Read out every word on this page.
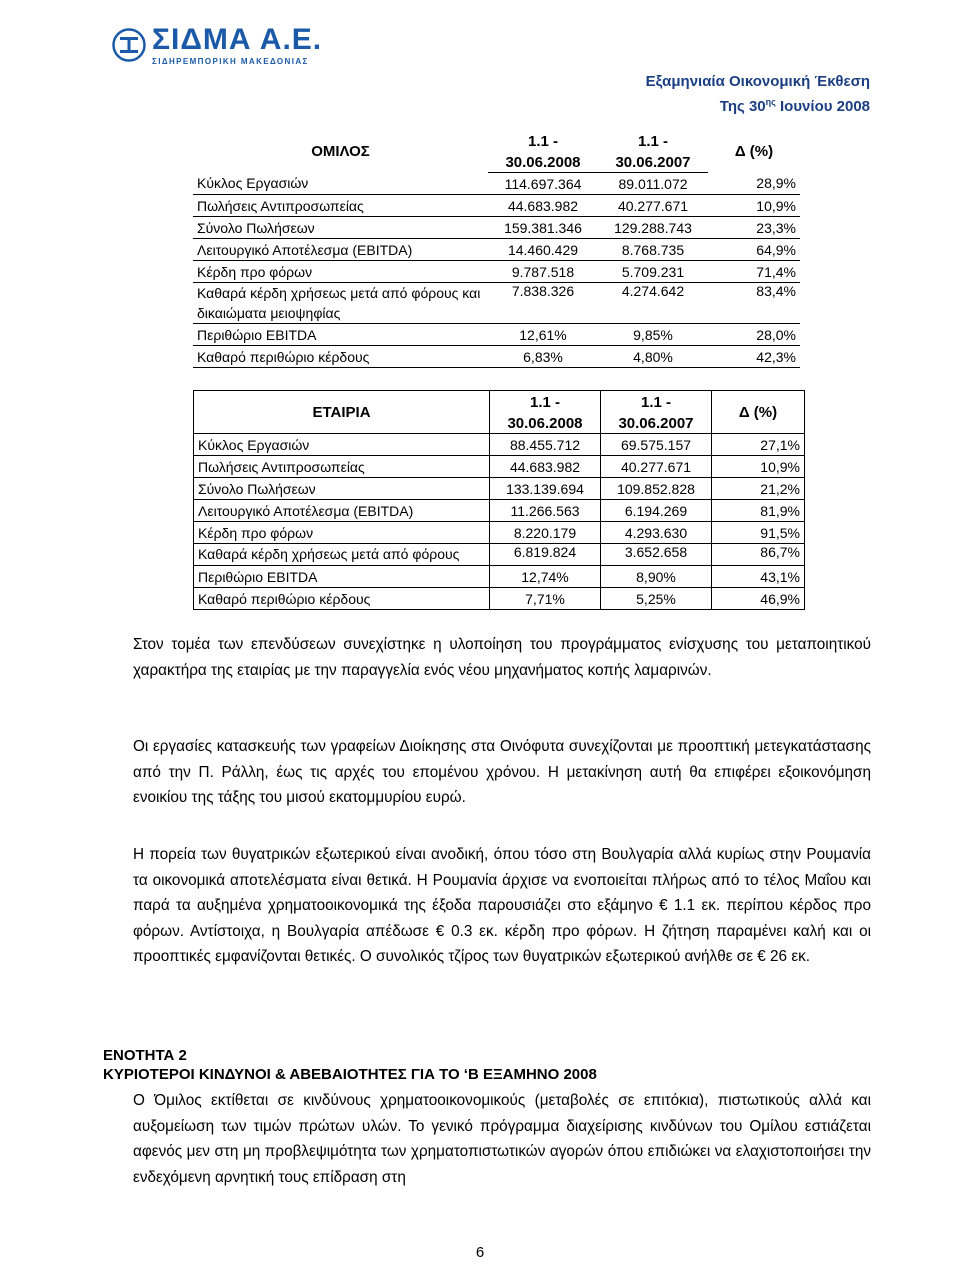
ΣΙΔΜΑ Α.Ε.
ΣΙΔΗΡΕΜΠΟΡΙΚΗ ΜΑΚΕΔΟΝΙΑΣ
Εξαμηνιαία Οικονομική Έκθεση
Της $30^{\eta\varsigma}$ Ιουνίου 2008
ΟΜΙΛΟΣ	1.1 -	1.1 -	Δ (%)
	30.06.2008	30.06.2007	
Κύκλος Εργασιών	114.697.364	89.011.072	28,9%
Πωλήσεις Αντιπροσωπείας	44.683.982	40.277.671	10,9%
Σύνολο Πωλήσεων	159.381.346	129.288.743	23,3%
Λειτουργικό Αποτέλεσμα (EBITDA)	14.460.429	8.768.735	64,9%
Κέρδη προ φόρων	9.787.518	5.709.231	71,4%
Καθαρά κέρδη χρήσεως μετά από φόρους και δικαιώματα μειοψηφίας	7.838.326	4.274.642	83,4%
Περιθώριο EBITDA	12,61%	9,85%	28,0%
Καθαρό περιθώριο κέρδους	6,83%	4,80%	42,3%
ΕΤΑΙΡΙΑ	1.1 -	1.1 -	Δ (%)
	30.06.2008	30.06.2007	
Κύκλος Εργασιών	88.455.712	69.575.157	27,1%
Πωλήσεις Αντιπροσωπείας	44.683.982	40.277.671	10,9%
Σύνολο Πωλήσεων	133.139.694	109.852.828	21,2%
Λειτουργικό Αποτέλεσμα (EBITDA)	11.266.563	6.194.269	81,9%
Κέρδη προ φόρων	8.220.179	4.293.630	91,5%
Καθαρά κέρδη χρήσεως μετά από φόρους	6.819.824	3.652.658	86,7%
Περιθώριο EBITDA	12,74%	8,90%	43,1%
Καθαρό περιθώριο κέρδους	7,71%	5,25%	46,9%

Στον τομέα των επενδύσεων συνεχίστηκε η υλοποίηση του προγράμματος ενίσχυσης του μεταποιητικού χαρακτήρα της εταιρίας με την παραγγελία ενός νέου μηχανήματος κοπής λαμαρινών.

Οι εργασίες κατασκευής των γραφείων Διοίκησης στα Οινόφυτα συνεχίζονται με προοπτική μετεγκατάστασης από την Π. Ράλλη, έως τις αρχές του επομένου χρόνου. Η μετακίνηση αυτή θα επιφέρει εξοικονόμηση ενοικίου της τάξης του μισού εκατομμυρίου ευρώ.

Η πορεία των θυγατρικών εξωτερικού είναι ανοδική, όπου τόσο στη Βουλγαρία αλλά κυρίως στην Ρουμανία τα οικονομικά αποτελέσματα είναι θετικά. Η Ρουμανία άρχισε να ενοποιείται πλήρως από το τέλος Μαΐου και παρά τα αυξημένα χρηματοοικονομικά της έξοδα παρουσιάζει στο εξάμηνο € 1.1 εκ. περίπου κέρδος προ φόρων. Αντίστοιχα, η Βουλγαρία απέδωσε € 0.3 εκ. κέρδη προ φόρων. Η ζήτηση παραμένει καλή και οι προοπτικές εμφανίζονται θετικές. Ο συνολικός τζίρος των θυγατρικών εξωτερικού ανήλθε σε € 26 εκ.

ΕΝΟΤΗΤΑ 2
ΚΥΡΙΟΤΕΡΟΙ ΚΙΝΔΥΝΟΙ & ΑΒΕΒΑΙΟΤΗΤΕΣ ΓΙΑ ΤΟ ‘Β ΕΞΑΜΗΝΟ 2008

Ο Όμιλος εκτίθεται σε κινδύνους χρηματοοικονομικούς (μεταβολές σε επιτόκια), πιστωτικούς αλλά και αυξομείωση των τιμών πρώτων υλών. Το γενικό πρόγραμμα διαχείρισης κινδύνων του Ομίλου εστιάζεται αφενός μεν στη μη προβλεψιμότητα των χρηματοπιστωτικών αγορών όπου επιδιώκει να ελαχιστοποιήσει την ενδεχόμενη αρνητική τους επίδραση στη

6
